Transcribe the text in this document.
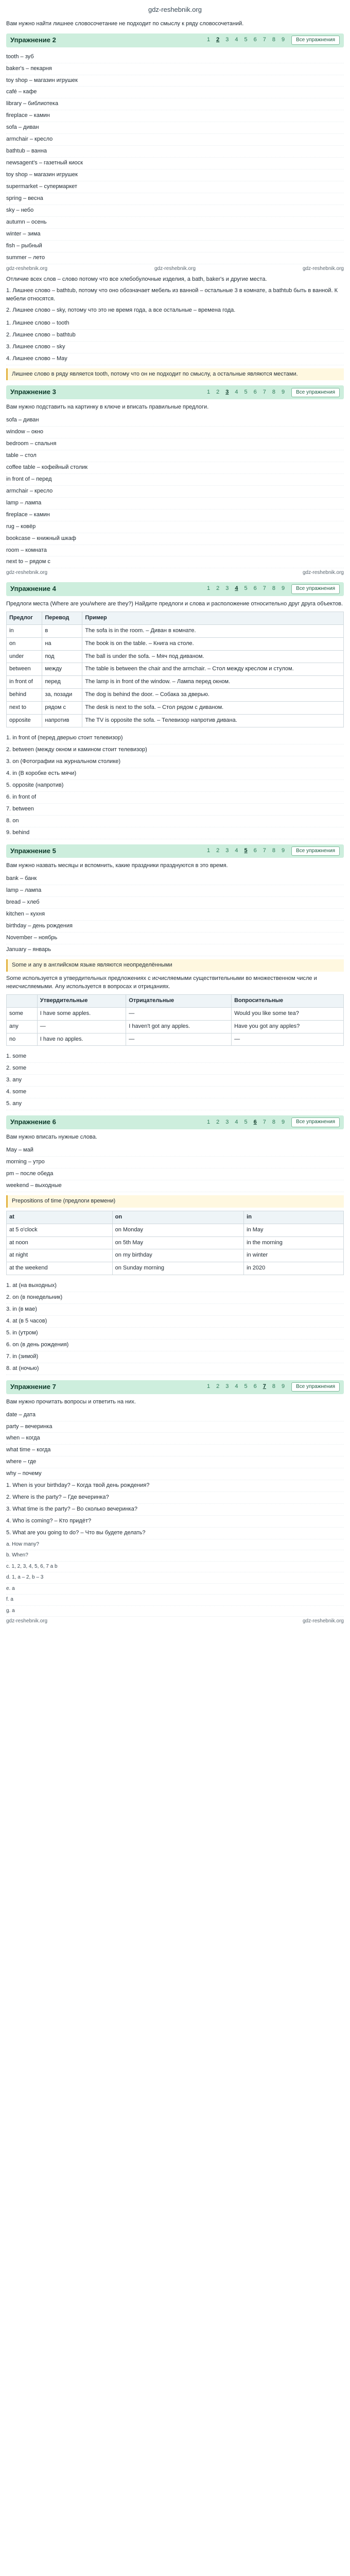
gdz-reshebnik.org

Вам нужно найти лишнее словосочетание не подходит по смыслу к ряду словосочетаний.

Упражнение 2	1 2 3 4 5 6 7 8 9	Все упражнения
tooth – зуб
baker's – пекарня
toy shop – магазин игрушек
café – кафе
library – библиотека
fireplace – камин
sofa – диван
armchair – кресло
bathtub – ванна
newsagent's – газетный киоск
toy shop – магазин игрушек
supermarket – супермаркет
spring – весна
sky – небо
autumn – осень
winter – зима
fish – рыбный
summer – лето
gdz-reshebnik.org	gdz-reshebnik.org	gdz-reshebnik.org

Отличие всех слов – слово потому что все хлебобулочные изделия, а bath, baker's и другие места.

1. Лишнее слово – bathtub, потому что оно обозначает мебель из ванной – остальные 3 в комнате, а bathtub быть в ванной. К мебели относятся.

2. Лишнее слово – sky, потому что это не время года, а все остальные – времена года.

1. Лишнее слово – tooth
2. Лишнее слово – bathtub
3. Лишнее слово – sky
4. Лишнее слово – May

Лишнее слово в ряду является tooth, потому что он не подходит по смыслу, а остальные являются местами.

Упражнение 3	1 2 3 4 5 6 7 8 9	Все упражнения

Вам нужно подставить на картинку в ключе и вписать правильные предлоги.

sofa – диван
window – окно
bedroom – спальня
table – стол
coffee table – кофейный столик
in front of – перед
armchair – кресло
lamp – лампа
fireplace – камин
rug – ковёр
bookcase – книжный шкаф
room – комната
next to – рядом с
gdz-reshebnik.org	gdz-reshebnik.org
Упражнение 4	1 2 3 4 5 6 7 8 9	Все упражнения

Предлоги места (Where are you/where are they?) Найдите предлоги и слова и расположение относительно друг друга объектов.

Предлог	Перевод	Пример
in	в	The sofa is in the room. – Диван в комнате.
on	на	The book is on the table. – Книга на столе.
under	под	The ball is under the sofa. – Мяч под диваном.
between	между	The table is between the chair and the armchair. – Стол между креслом и стулом.
in front of	перед	The lamp is in front of the window. – Лампа перед окном.
behind	за, позади	The dog is behind the door. – Собака за дверью.
next to	рядом с	The desk is next to the sofa. – Стол рядом с диваном.
opposite	напротив	The TV is opposite the sofa. – Телевизор напротив дивана.
1. in front of (перед дверью стоит телевизор)
2. between (между окном и камином стоит телевизор)
3. on (Фотографии на журнальном столике)
4. in (В коробке есть мячи)
5. opposite (напротив)
6. in front of
7. between
8. on
9. behind
Упражнение 5	1 2 3 4 5 6 7 8 9	Все упражнения

Вам нужно назвать месяцы и вспомнить, какие праздники празднуются в это время.

bank – банк
lamp – лампа
bread – хлеб
kitchen – кухня
birthday – день рождения
November – ноябрь
January – январь

Some и any в английском языке являются неопределёнными

Some используется в утвердительных предложениях с исчисляемыми существительными во множественном числе и неисчисляемыми. Any используется в вопросах и отрицаниях.

	Утвердительные	Отрицательные	Вопросительные
some	I have some apples.	—	Would you like some tea?
any	—	I haven't got any apples.	Have you got any apples?
no	I have no apples.	—	—
1. some
2. some
3. any
4. some
5. any
Упражнение 6	1 2 3 4 5 6 7 8 9	Все упражнения

Вам нужно вписать нужные слова.

May – май
morning – утро
pm – после обеда
weekend – выходные

Prepositions of time (предлоги времени)

at	on	in
at 5 o'clock	on Monday	in May
at noon	on 5th May	in the morning
at night	on my birthday	in winter
at the weekend	on Sunday morning	in 2020
1. at (на выходных)
2. on (в понедельник)
3. in (в мае)
4. at (в 5 часов)
5. in (утром)
6. on (в день рождения)
7. in (зимой)
8. at (ночью)
Упражнение 7	1 2 3 4 5 6 7 8 9	Все упражнения

Вам нужно прочитать вопросы и ответить на них.

date – дата
party – вечеринка
when – когда
what time – когда
where – где
why – почему
1. When is your birthday? – Когда твой день рождения?
2. Where is the party? – Где вечеринка?
3. What time is the party? – Во сколько вечеринка?
4. Who is coming? – Кто придёт?
5. What are you going to do? – Что вы будете делать?
a. How many?
b. When?
c. 1, 2, 3, 4, 5, 6, 7 a b
d. 1, a – 2, b – 3
e. a
f. a
g. a
gdz-reshebnik.org	gdz-reshebnik.org
